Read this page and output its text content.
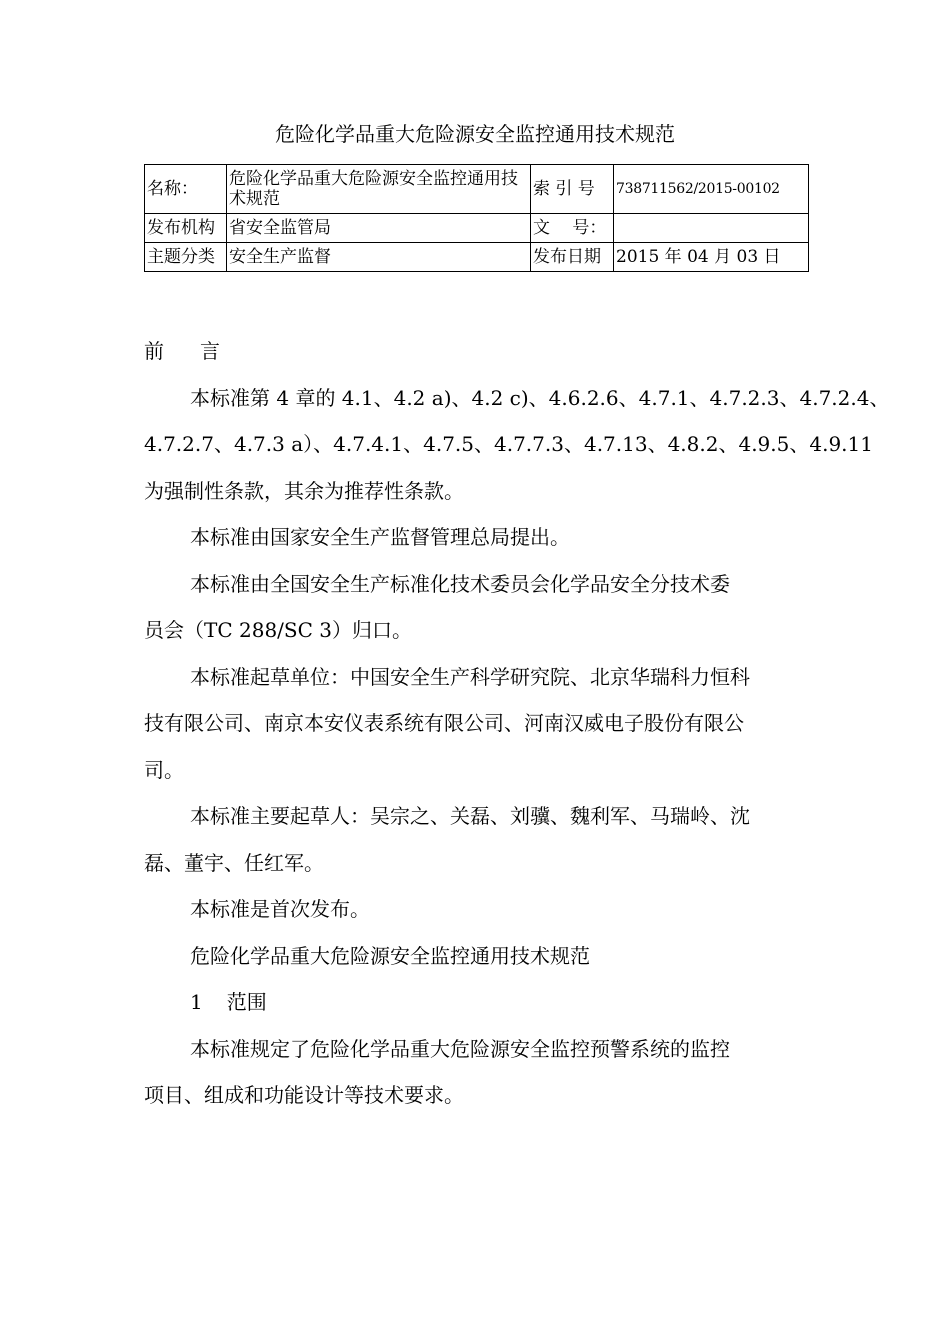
危险化学品重大危险源安全监控通用技术规范
名称：	危险化学品重大危险源安全监控通用技术规范	索 引 号	738711562/2015-00102
发布机构	省安全监管局	文　 号：	
主题分类	安全生产监督	发布日期	2015 年 04 月 03 日

前 言

本标准第 4 章的 4.1、4.2 a)、4.2 c)、4.6.2.6、4.7.1、4.7.2.3、4.7.2.4、

4.7.2.7、4.7.3 a）、4.7.4.1、4.7.5、4.7.7.3、4.7.13、4.8.2、4.9.5、4.9.11

为强制性条款，其余为推荐性条款。

本标准由国家安全生产监督管理总局提出。

本标准由全国安全生产标准化技术委员会化学品安全分技术委

员会（TC 288/SC 3）归口。

本标准起草单位：中国安全生产科学研究院、北京华瑞科力恒科

技有限公司、南京本安仪表系统有限公司、河南汉威电子股份有限公

司。

本标准主要起草人：吴宗之、关磊、刘骥、魏利军、马瑞岭、沈

磊、董宇、任红军。

本标准是首次发布。

危险化学品重大危险源安全监控通用技术规范

1 范围

本标准规定了危险化学品重大危险源安全监控预警系统的监控

项目、组成和功能设计等技术要求。
